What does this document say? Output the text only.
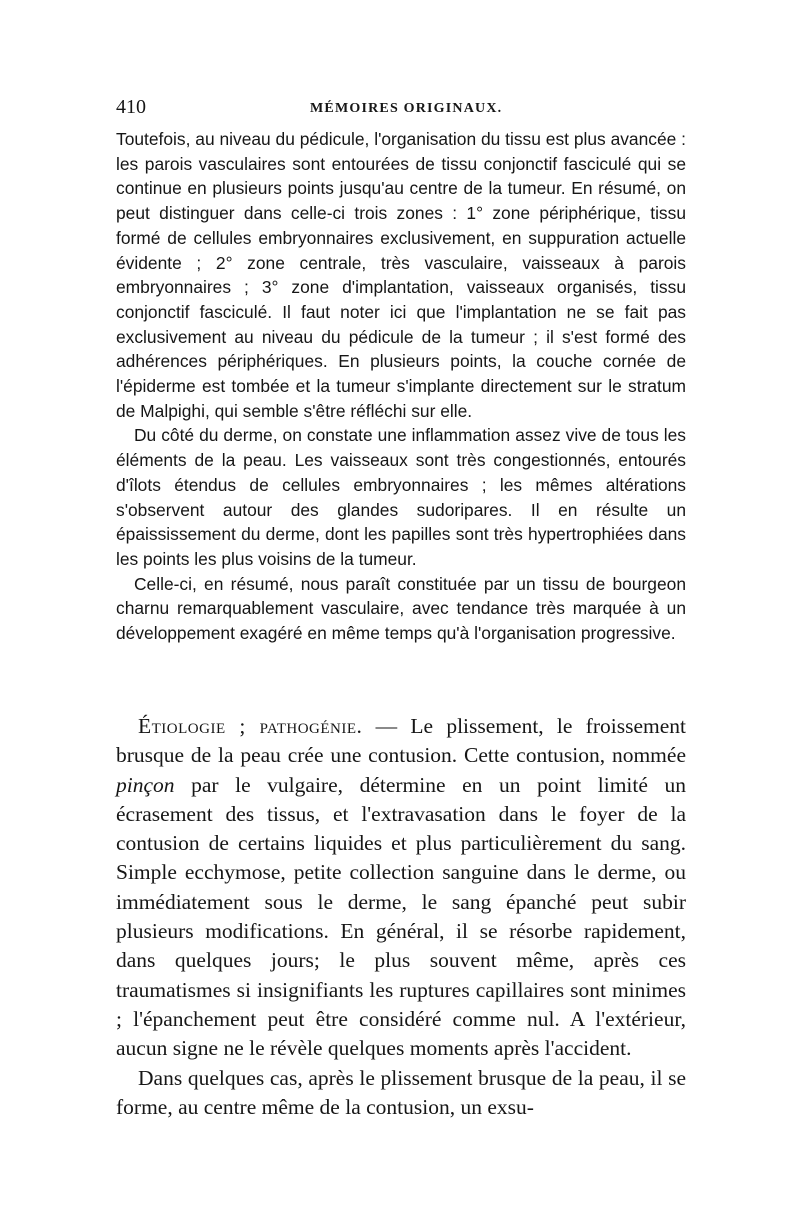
410	MÉMOIRES ORIGINAUX.

Toutefois, au niveau du pédicule, l'organisation du tissu est plus avancée : les parois vasculaires sont entourées de tissu conjonctif fasciculé qui se continue en plusieurs points jusqu'au centre de la tumeur. En résumé, on peut distinguer dans celle-ci trois zones : 1° zone périphérique, tissu formé de cellules embryonnaires exclusivement, en suppuration actuelle évidente ; 2° zone centrale, très vasculaire, vaisseaux à parois embryonnaires ; 3° zone d'implantation, vaisseaux organisés, tissu conjonctif fasciculé. Il faut noter ici que l'implantation ne se fait pas exclusivement au niveau du pédicule de la tumeur ; il s'est formé des adhérences périphériques. En plusieurs points, la couche cornée de l'épiderme est tombée et la tumeur s'implante directement sur le stratum de Malpighi, qui semble s'être réfléchi sur elle.

Du côté du derme, on constate une inflammation assez vive de tous les éléments de la peau. Les vaisseaux sont très congestionnés, entourés d'îlots étendus de cellules embryonnaires ; les mêmes altérations s'observent autour des glandes sudoripares. Il en résulte un épaississement du derme, dont les papilles sont très hypertrophiées dans les points les plus voisins de la tumeur.

Celle-ci, en résumé, nous paraît constituée par un tissu de bourgeon charnu remarquablement vasculaire, avec tendance très marquée à un développement exagéré en même temps qu'à l'organisation progressive.

Étiologie ; pathogénie. — Le plissement, le froissement brusque de la peau crée une contusion. Cette contusion, nommée pinçon par le vulgaire, détermine en un point limité un écrasement des tissus, et l'extravasation dans le foyer de la contusion de certains liquides et plus particulièrement du sang. Simple ecchymose, petite collection sanguine dans le derme, ou immédiatement sous le derme, le sang épanché peut subir plusieurs modifications. En général, il se résorbe rapidement, dans quelques jours; le plus souvent même, après ces traumatismes si insignifiants les ruptures capillaires sont minimes ; l'épanchement peut être considéré comme nul. A l'extérieur, aucun signe ne le révèle quelques moments après l'accident.

Dans quelques cas, après le plissement brusque de la peau, il se forme, au centre même de la contusion, un exsu-
